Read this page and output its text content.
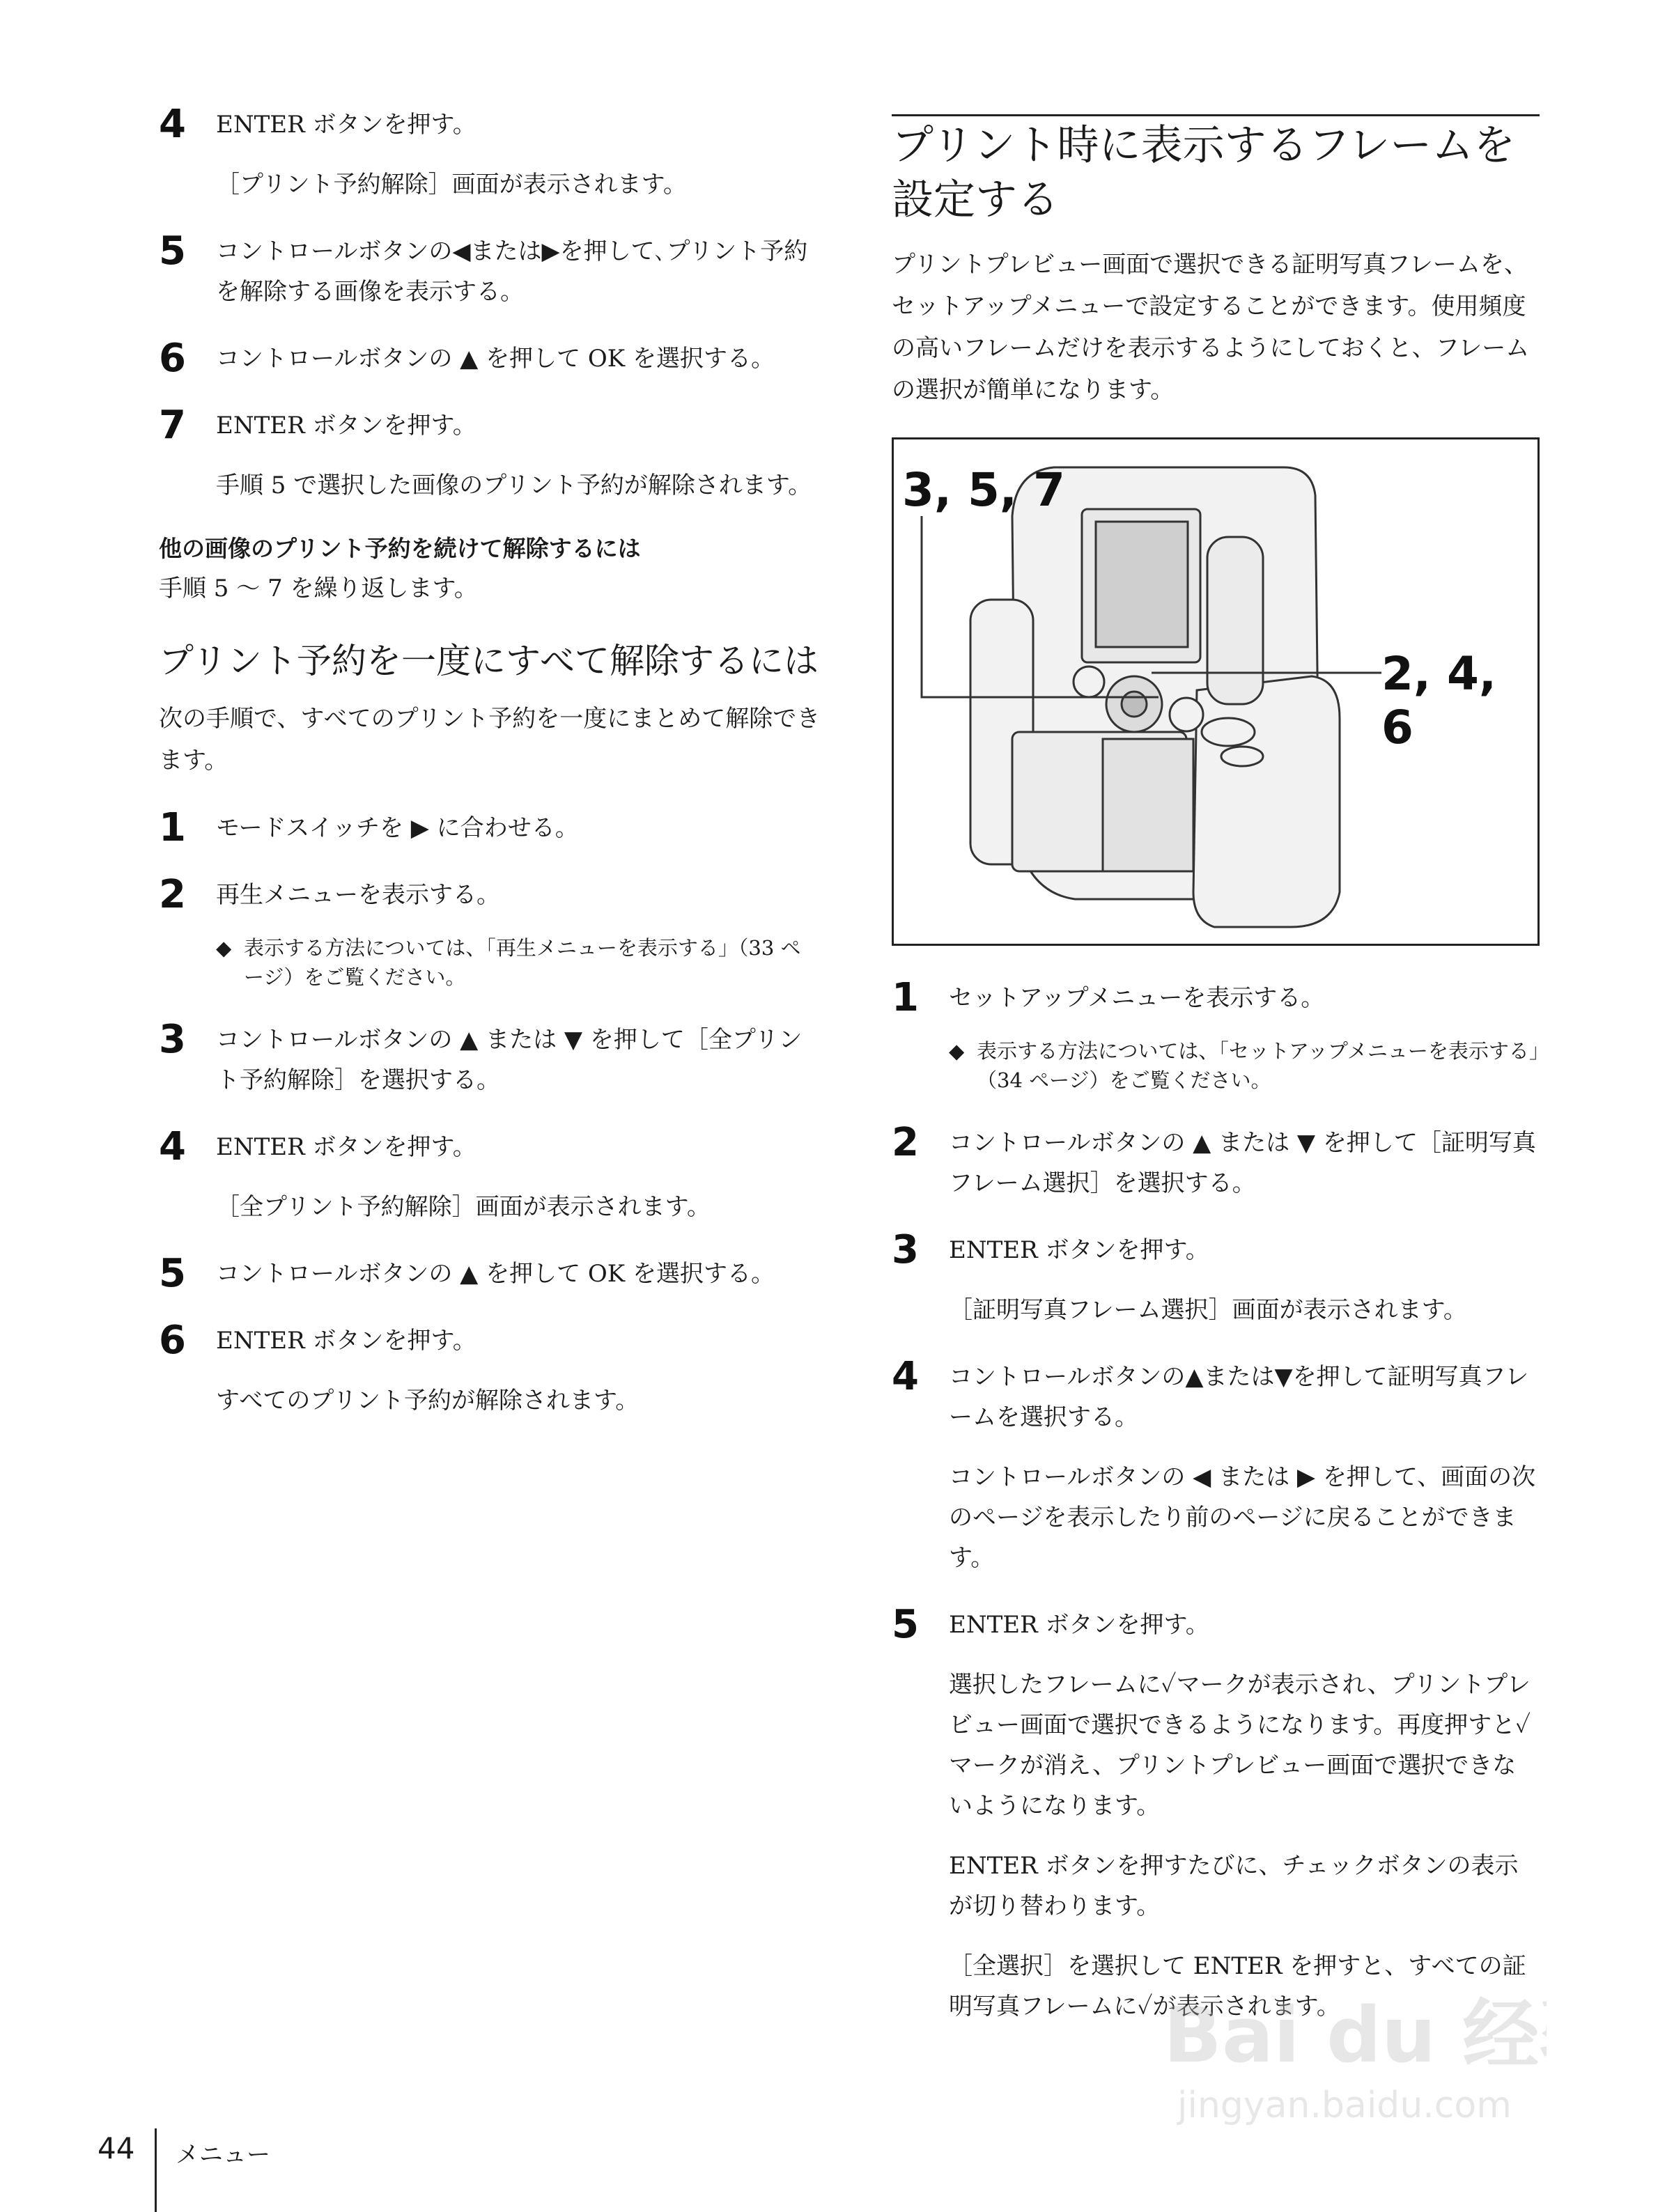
4	ENTER ボタンを押す。
［プリント予約解除］画面が表示されます。
5	コントロールボタンの◀または▶を押して､プリント予約を解除する画像を表示する。
6	コントロールボタンの ▲ を押して OK を選択する。
7	ENTER ボタンを押す。
手順 5 で選択した画像のプリント予約が解除されます。
他の画像のプリント予約を続けて解除するには
手順 5 ～ 7 を繰り返します。
プリント予約を一度にすべて解除するには
次の手順で、すべてのプリント予約を一度にまとめて解除できます。
1	モードスイッチを ▶ に合わせる。
2	再生メニューを表示する。
◆ 表示する方法については、「再生メニューを表示する」（33 ページ）をご覧ください。
3	コントロールボタンの ▲ または ▼ を押して［全プリント予約解除］を選択する。
4	ENTER ボタンを押す。
［全プリント予約解除］画面が表示されます。
5	コントロールボタンの ▲ を押して OK を選択する。
6	ENTER ボタンを押す。
すべてのプリント予約が解除されます。
プリント時に表示するフレームを設定する
プリントプレビュー画面で選択できる証明写真フレームを、セットアップメニューで設定することができます。使用頻度の高いフレームだけを表示するようにしておくと、フレームの選択が簡単になります。
3, 5, 7
2, 4, 6
1	セットアップメニューを表示する。
◆ 表示する方法については、「セットアップメニューを表示する」（34 ページ）をご覧ください。
2	コントロールボタンの ▲ または ▼ を押して［証明写真フレーム選択］を選択する。
3	ENTER ボタンを押す。
［証明写真フレーム選択］画面が表示されます。
4	コントロールボタンの▲または▼を押して証明写真フレームを選択する。
コントロールボタンの ◀ または ▶ を押して、画面の次のページを表示したり前のページに戻ることができます。
5	ENTER ボタンを押す。
選択したフレームに✓マークが表示され、プリントプレビュー画面で選択できるようになります。再度押すと✓マークが消え、プリントプレビュー画面で選択できないようになります。
ENTER ボタンを押すたびに、チェックボタンの表示が切り替わります。
［全選択］を選択して ENTER を押すと、すべての証明写真フレームに✓が表示されます。
44 メニュー
Bai du 经
jingyan.baidu.com
